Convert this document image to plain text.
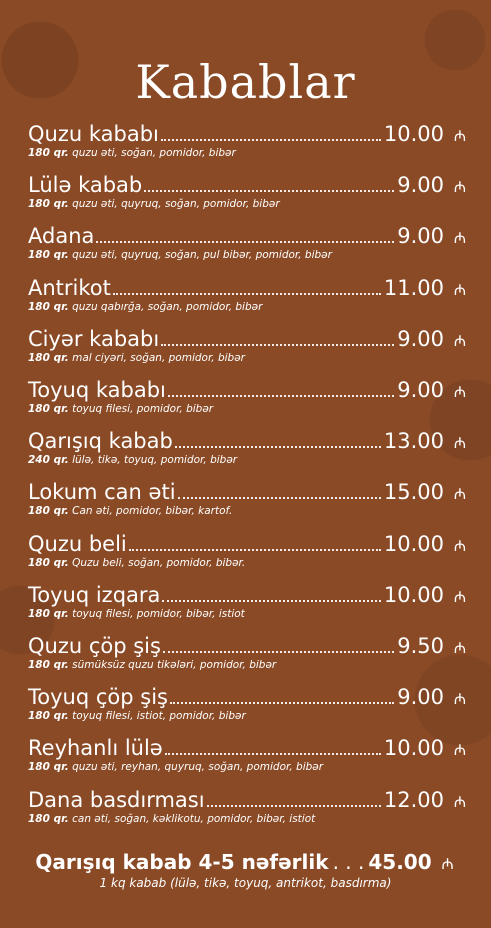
Kabablar
Quzu kababı	10.00 ₼
180 qr. quzu əti, soğan, pomidor, bibər
Lülə kabab	9.00 ₼
180 qr. quzu əti, quyruq, soğan, pomidor, bibər
Adana	9.00 ₼
180 qr. quzu əti, quyruq, soğan, pul bibər, pomidor, bibər
Antrikot	11.00 ₼
180 qr. quzu qabırğa, soğan, pomidor, bibər
Ciyər kababı	9.00 ₼
180 qr. mal ciyəri, soğan, pomidor, bibər
Toyuq kababı	9.00 ₼
180 qr. toyuq filesi, pomidor, bibər
Qarışıq kabab	13.00 ₼
240 qr. lülə, tikə, toyuq, pomidor, bibər
Lokum can əti	15.00 ₼
180 qr. Can əti, pomidor, bibər, kartof.
Quzu beli	10.00 ₼
180 qr. Quzu beli, soğan, pomidor, bibər.
Toyuq izqara	10.00 ₼
180 qr. toyuq filesi, pomidor, bibər, istiot
Quzu çöp şiş	9.50 ₼
180 qr. sümüksüz quzu tikələri, pomidor, bibər
Toyuq çöp şiş	9.00 ₼
180 qr. toyuq filesi, istiot, pomidor, bibər
Reyhanlı lülə	10.00 ₼
180 qr. quzu əti, reyhan, quyruq, soğan, pomidor, bibər
Dana basdırması	12.00 ₼
180 qr. can əti, soğan, kəklikotu, pomidor, bibər, istiot
Qarışıq kabab 4-5 nəfərlik . . . 45.00 ₼
1 kq kabab (lülə, tikə, toyuq, antrikot, basdırma)
